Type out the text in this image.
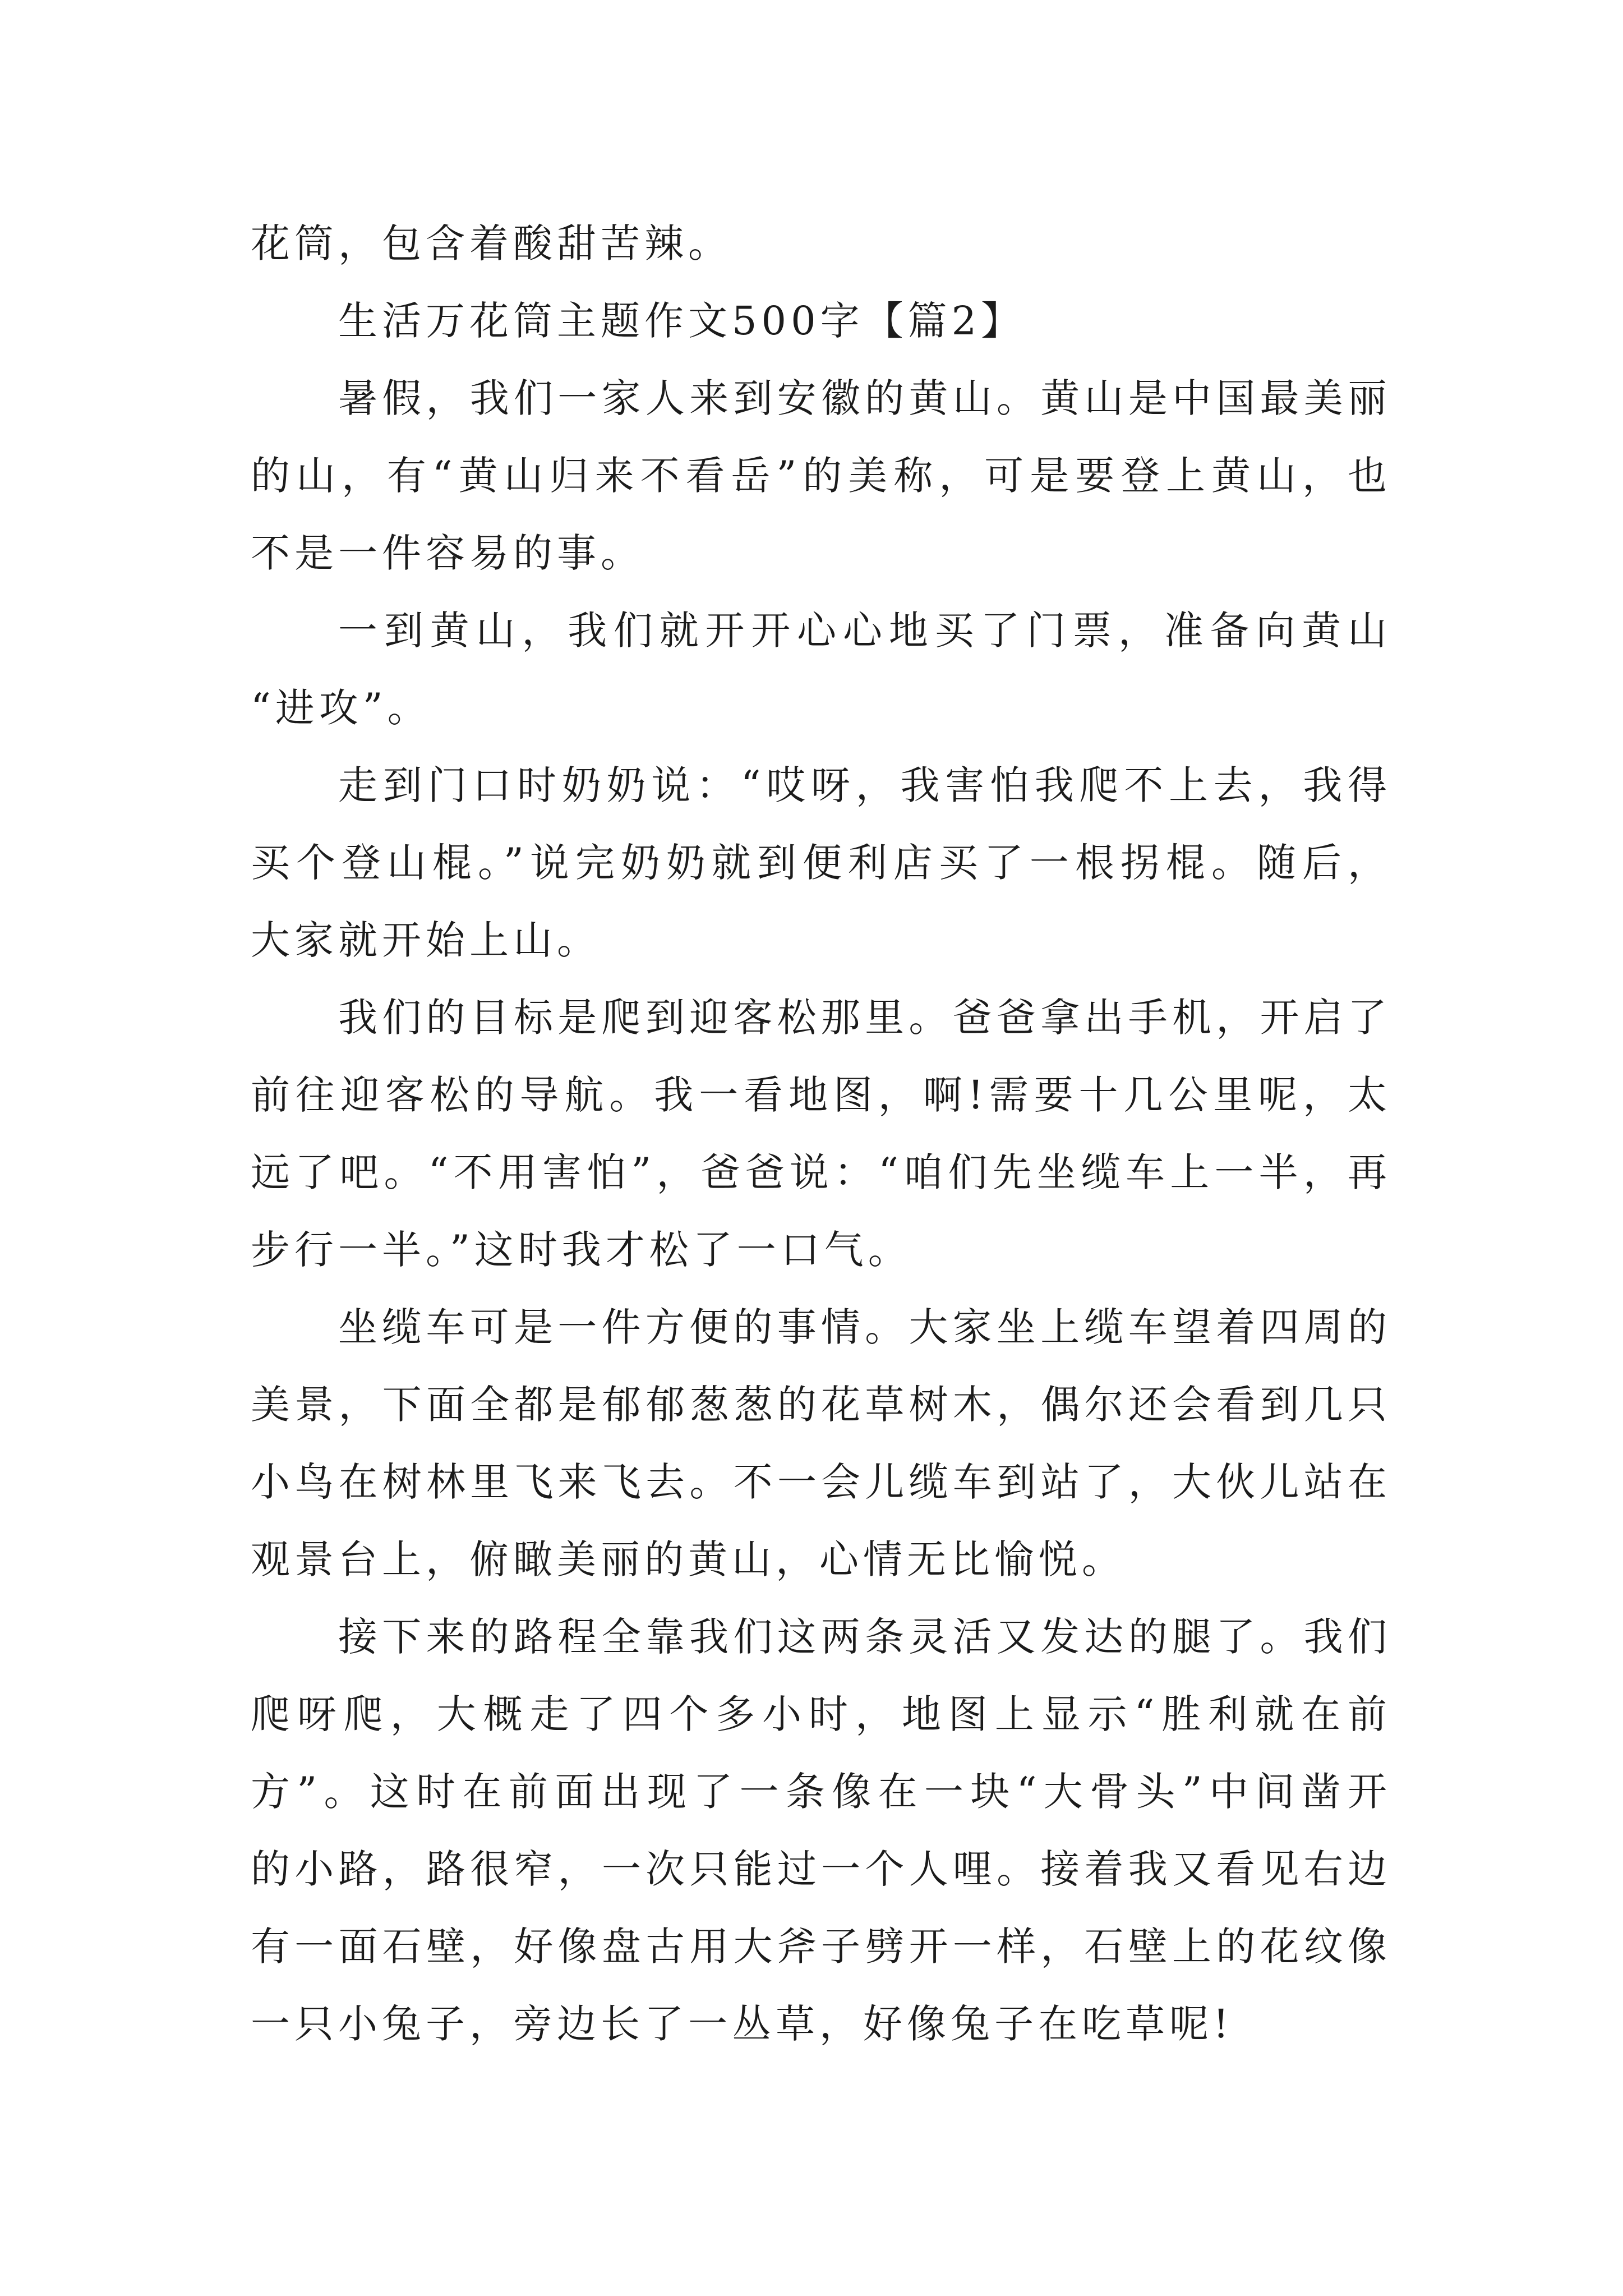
花筒，包含着酸甜苦辣。
生活万花筒主题作文500字【篇2】
暑假，我们一家人来到安徽的黄山。黄山是中国最美丽
的山，有“黄山归来不看岳”的美称，可是要登上黄山，也
不是一件容易的事。
一到黄山，我们就开开心心地买了门票，准备向黄山
“进攻”。
走到门口时奶奶说：“哎呀，我害怕我爬不上去，我得
买个登山棍。”说完奶奶就到便利店买了一根拐棍。随后，
大家就开始上山。
我们的目标是爬到迎客松那里。爸爸拿出手机，开启了
前往迎客松的导航。我一看地图，啊!需要十几公里呢，太
远了吧。“不用害怕”，爸爸说：“咱们先坐缆车上一半，再
步行一半。”这时我才松了一口气。
坐缆车可是一件方便的事情。大家坐上缆车望着四周的
美景，下面全都是郁郁葱葱的花草树木，偶尔还会看到几只
小鸟在树林里飞来飞去。不一会儿缆车到站了，大伙儿站在
观景台上，俯瞰美丽的黄山，心情无比愉悦。
接下来的路程全靠我们这两条灵活又发达的腿了。我们
爬呀爬，大概走了四个多小时，地图上显示“胜利就在前
方”。这时在前面出现了一条像在一块“大骨头”中间凿开
的小路，路很窄，一次只能过一个人哩。接着我又看见右边
有一面石壁，好像盘古用大斧子劈开一样，石壁上的花纹像
一只小兔子，旁边长了一丛草，好像兔子在吃草呢!
